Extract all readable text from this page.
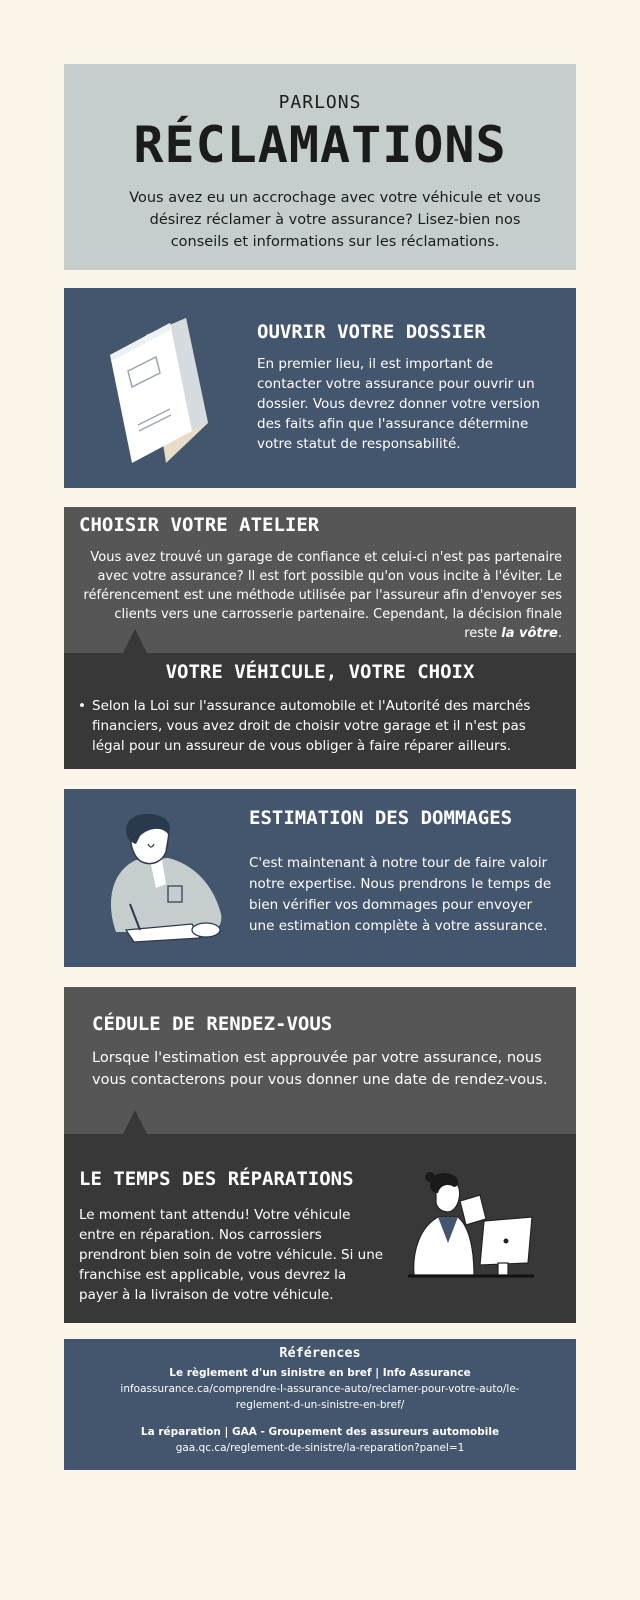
PARLONS
RÉCLAMATIONS
Vous avez eu un accrochage avec votre véhicule et vous désirez réclamer à votre assurance? Lisez-bien nos conseils et informations sur les réclamations.
OUVRIR VOTRE DOSSIER
En premier lieu, il est important de contacter votre assurance pour ouvrir un dossier. Vous devrez donner votre version des faits afin que l'assurance détermine votre statut de responsabilité.
CHOISIR VOTRE ATELIER
Vous avez trouvé un garage de confiance et celui-ci n'est pas partenaire avec votre assurance? Il est fort possible qu'on vous incite à l'éviter. Le référencement est une méthode utilisée par l'assureur afin d'envoyer ses clients vers une carrosserie partenaire. Cependant, la décision finale reste la vôtre.
VOTRE VÉHICULE, VOTRE CHOIX
• Selon la Loi sur l'assurance automobile et l'Autorité des marchés financiers, vous avez droit de choisir votre garage et il n'est pas légal pour un assureur de vous obliger à faire réparer ailleurs.
ESTIMATION DES DOMMAGES
C'est maintenant à notre tour de faire valoir notre expertise. Nous prendrons le temps de bien vérifier vos dommages pour envoyer une estimation complète à votre assurance.
CÉDULE DE RENDEZ-VOUS
Lorsque l'estimation est approuvée par votre assurance, nous vous contacterons pour vous donner une date de rendez-vous.
LE TEMPS DES RÉPARATIONS
Le moment tant attendu! Votre véhicule entre en réparation. Nos carrossiers prendront bien soin de votre véhicule. Si une franchise est applicable, vous devrez la payer à la livraison de votre véhicule.
Références
Le règlement d'un sinistre en bref | Info Assurance
infoassurance.ca/comprendre-l-assurance-auto/reclamer-pour-votre-auto/le-reglement-d-un-sinistre-en-bref/
La réparation | GAA - Groupement des assureurs automobile
gaa.qc.ca/reglement-de-sinistre/la-reparation?panel=1
